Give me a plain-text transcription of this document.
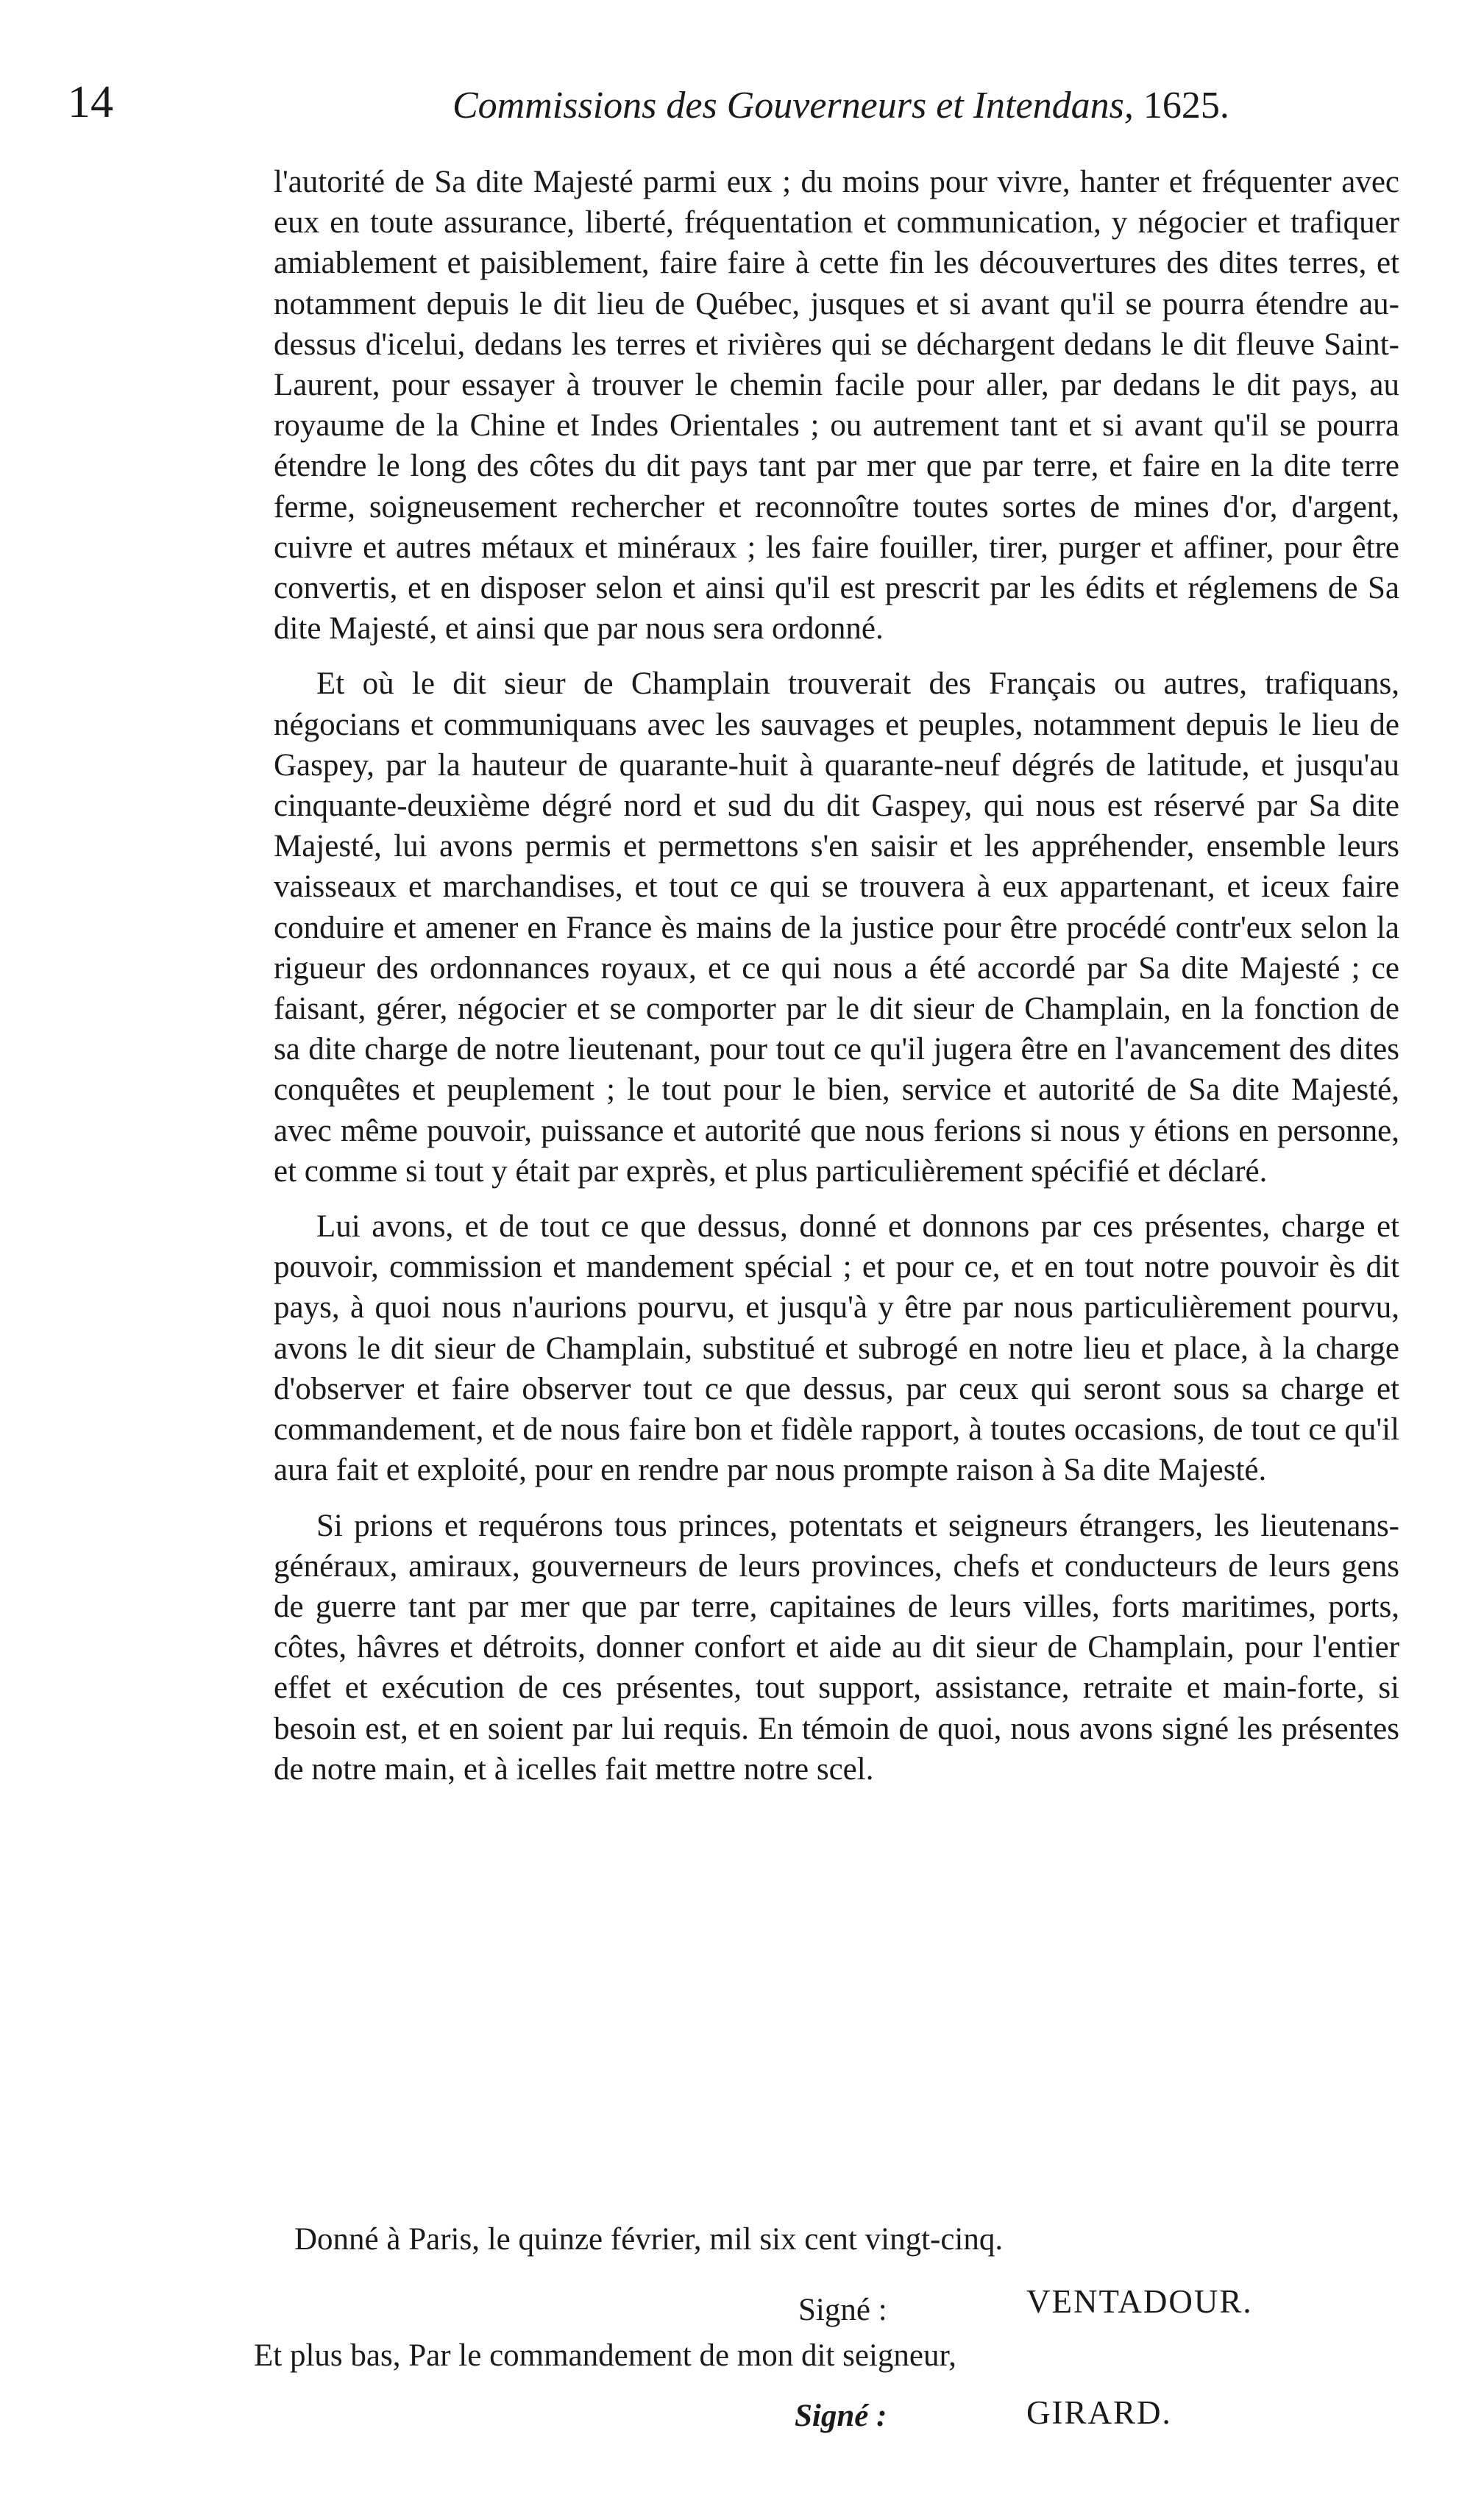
14	Commissions des Gouverneurs et Intendans, 1625.

l'autorité de Sa dite Majesté parmi eux ; du moins pour vivre, hanter et fréquenter avec eux en toute assurance, liberté, fréquentation et communication, y négocier et trafiquer amiablement et paisiblement, faire faire à cette fin les découvertures des dites terres, et notamment depuis le dit lieu de Québec, jusques et si avant qu'il se pourra étendre au-dessus d'icelui, dedans les terres et rivières qui se déchargent dedans le dit fleuve Saint-Laurent, pour essayer à trouver le chemin facile pour aller, par dedans le dit pays, au royaume de la Chine et Indes Orientales ; ou autrement tant et si avant qu'il se pourra étendre le long des côtes du dit pays tant par mer que par terre, et faire en la dite terre ferme, soigneusement rechercher et reconnoître toutes sortes de mines d'or, d'argent, cuivre et autres métaux et minéraux ; les faire fouiller, tirer, purger et affiner, pour être convertis, et en disposer selon et ainsi qu'il est prescrit par les édits et réglemens de Sa dite Majesté, et ainsi que par nous sera ordonné.

Et où le dit sieur de Champlain trouverait des Français ou autres, trafiquans, négocians et communiquans avec les sauvages et peuples, notamment depuis le lieu de Gaspey, par la hauteur de quarante-huit à quarante-neuf dégrés de latitude, et jusqu'au cinquante-deuxième dégré nord et sud du dit Gaspey, qui nous est réservé par Sa dite Majesté, lui avons permis et permettons s'en saisir et les appréhender, ensemble leurs vaisseaux et marchandises, et tout ce qui se trouvera à eux appartenant, et iceux faire conduire et amener en France ès mains de la justice pour être procédé contr'eux selon la rigueur des ordonnances royaux, et ce qui nous a été accordé par Sa dite Majesté ; ce faisant, gérer, négocier et se comporter par le dit sieur de Champlain, en la fonction de sa dite charge de notre lieutenant, pour tout ce qu'il jugera être en l'avancement des dites conquêtes et peuplement ; le tout pour le bien, service et autorité de Sa dite Majesté, avec même pouvoir, puissance et autorité que nous ferions si nous y étions en personne, et comme si tout y était par exprès, et plus particulièrement spécifié et déclaré.

Lui avons, et de tout ce que dessus, donné et donnons par ces présentes, charge et pouvoir, commission et mandement spécial ; et pour ce, et en tout notre pouvoir ès dit pays, à quoi nous n'aurions pourvu, et jusqu'à y être par nous particulièrement pourvu, avons le dit sieur de Champlain, substitué et subrogé en notre lieu et place, à la charge d'observer et faire observer tout ce que dessus, par ceux qui seront sous sa charge et commandement, et de nous faire bon et fidèle rapport, à toutes occasions, de tout ce qu'il aura fait et exploité, pour en rendre par nous prompte raison à Sa dite Majesté.

Si prions et requérons tous princes, potentats et seigneurs étrangers, les lieutenans-généraux, amiraux, gouverneurs de leurs provinces, chefs et conducteurs de leurs gens de guerre tant par mer que par terre, capitaines de leurs villes, forts maritimes, ports, côtes, hâvres et détroits, donner confort et aide au dit sieur de Champlain, pour l'entier effet et exécution de ces présentes, tout support, assistance, retraite et main-forte, si besoin est, et en soient par lui requis. En témoin de quoi, nous avons signé les présentes de notre main, et à icelles fait mettre notre scel.

Donné à Paris, le quinze février, mil six cent vingt-cinq.
Signé :	VENTADOUR.
Et plus bas, Par le commandement de mon dit seigneur,
Signé :	GIRARD.
